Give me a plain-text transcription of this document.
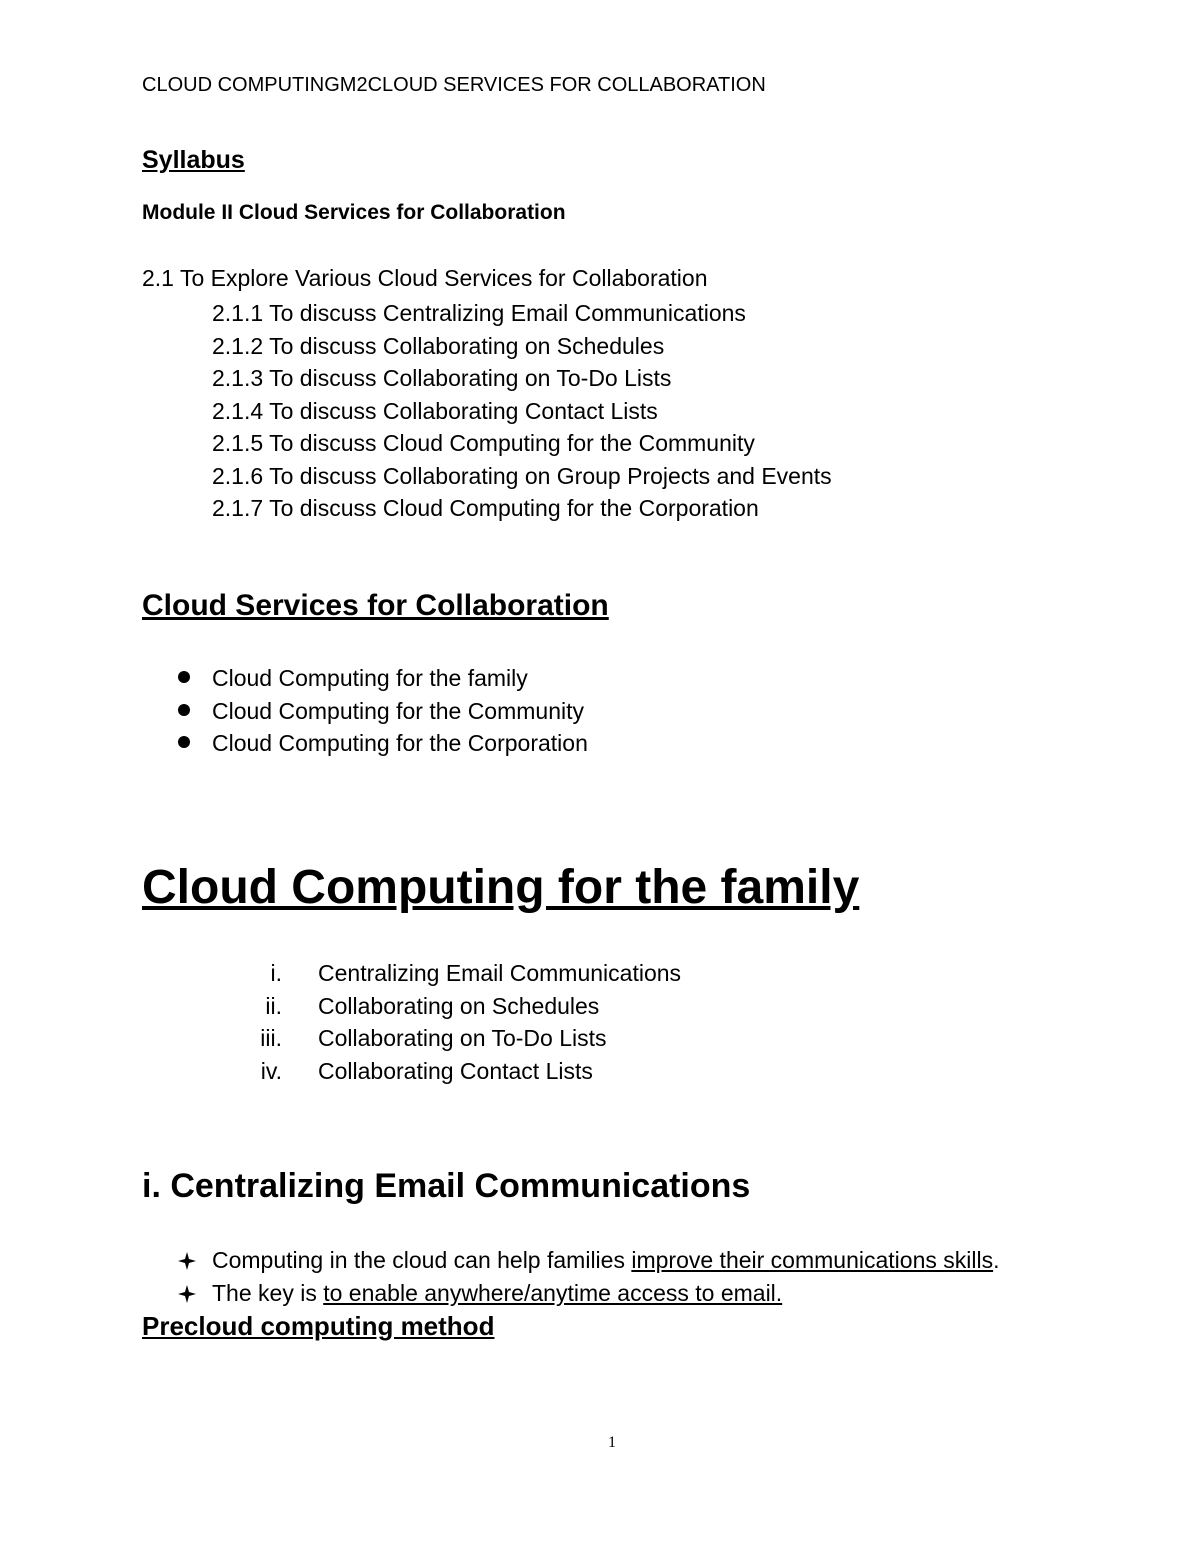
CLOUD COMPUTINGM2CLOUD SERVICES FOR COLLABORATION
Syllabus
Module II Cloud Services for Collaboration
2.1 To Explore Various Cloud Services for Collaboration
2.1.1 To discuss Centralizing Email Communications
2.1.2 To discuss Collaborating on Schedules
2.1.3 To discuss Collaborating on To-Do Lists
2.1.4 To discuss Collaborating Contact Lists
2.1.5 To discuss Cloud Computing for the Community
2.1.6 To discuss Collaborating on Group Projects and Events
2.1.7 To discuss Cloud Computing for the Corporation
Cloud Services for Collaboration
Cloud Computing for the family
Cloud Computing for the Community
Cloud Computing for the Corporation
Cloud Computing for the family
i. Centralizing Email Communications
ii. Collaborating on Schedules
iii. Collaborating on To-Do Lists
iv. Collaborating Contact Lists
i. Centralizing Email Communications
Computing in the cloud can help families improve their communications skills.
The key is to enable anywhere/anytime access to email.
Precloud computing method
1
